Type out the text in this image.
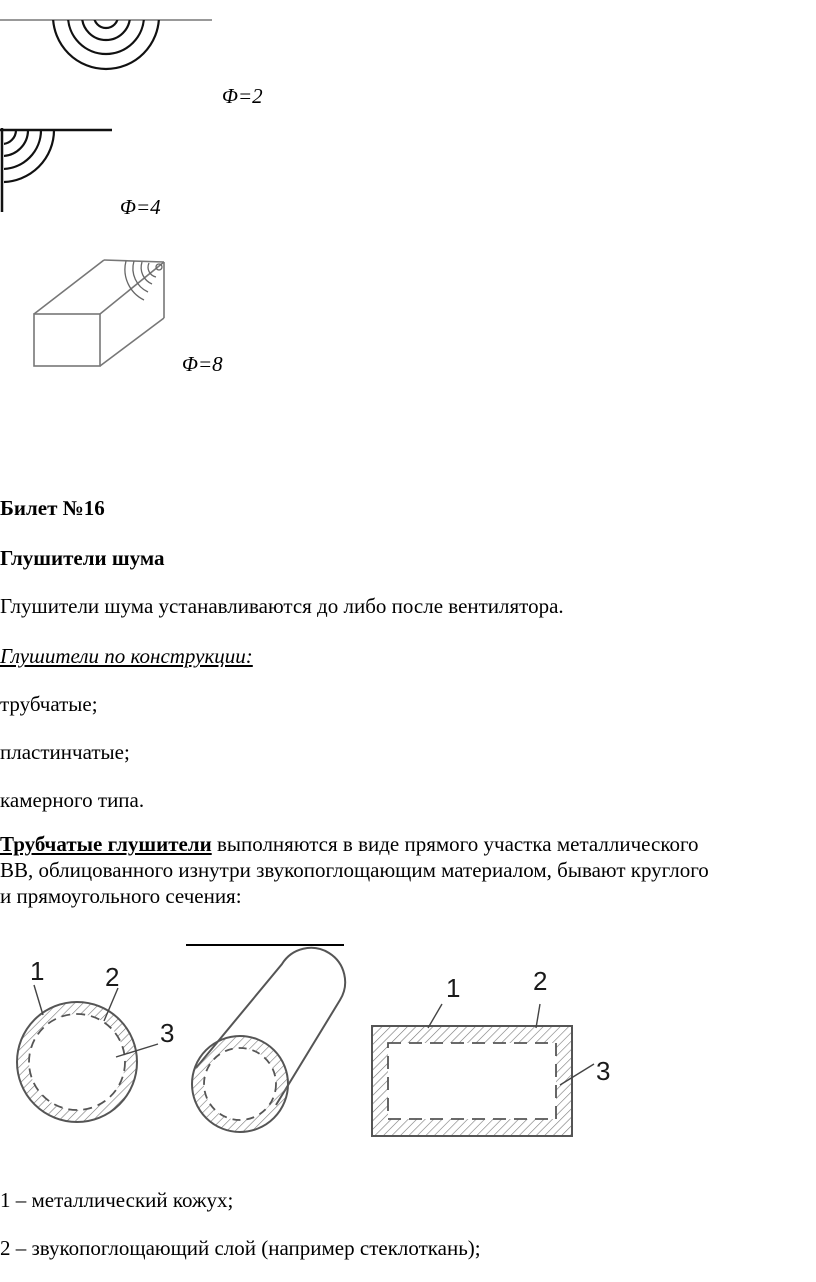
Φ=2
Φ=4
Φ=8
Билет №16
Глушители шума
Глушители шума устанавливаются до либо после вентилятора.
Глушители по конструкции:
трубчатые;
пластинчатые;
камерного типа.
Трубчатые глушители выполняются в виде прямого участка металлического ВВ, облицованного изнутри звукопоглощающим материалом, бывают круглого и прямоугольного сечения:
1 2
3
1	2
3
1 – металлический кожух;
2 – звукопоглощающий слой (например стеклоткань);
